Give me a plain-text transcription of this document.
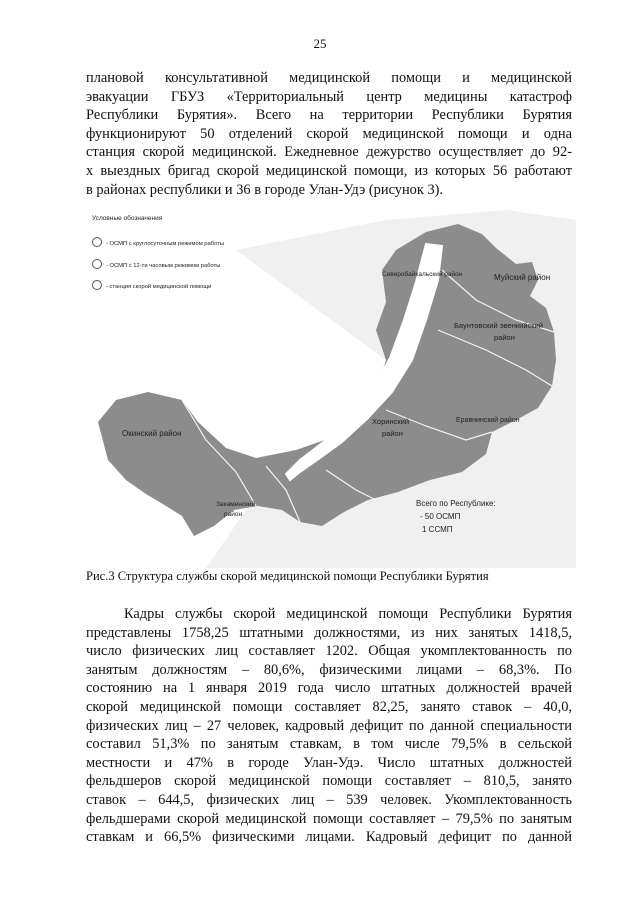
25
плановой консультативной медицинской помощи и медицинской
эвакуации ГБУЗ «Территориальный центр медицины катастроф
Республики Бурятия». Всего на территории Республики Бурятия
функционируют 50 отделений скорой медицинской помощи и одна
станция скорой медицинской. Ежедневное дежурство осуществляет до 92-
х выездных бригад скорой медицинской помощи, из которых 56 работают
в районах республики и 36 в городе Улан-Удэ (рисунок 3).
Условные обозначения
- ОСМП с круглосуточным режимом работы
- ОСМП с 12-ти часовым режимом работы
- станция скорой медицинской помощи
Окинский район
Северобайкальский район	Муйский район
Баунтовский эвенкийский
район
Хоринский
район
Еравнинский район
Закаменский
район
Всего по Республике:
- 50 ОСМП
1 ССМП
Рис.3 Структура службы скорой медицинской помощи Республики Бурятия
Кадры службы скорой медицинской помощи Республики Бурятия
представлены 1758,25 штатными должностями, из них занятых 1418,5,
число физических лиц составляет 1202. Общая укомплектованность по
занятым должностям – 80,6%, физическими лицами – 68,3%. По
состоянию на 1 января 2019 года число штатных должностей врачей
скорой медицинской помощи составляет 82,25, занято ставок – 40,0,
физических лиц – 27 человек, кадровый дефицит по данной специальности
составил 51,3% по занятым ставкам, в том числе 79,5% в сельской
местности и 47% в городе Улан-Удэ. Число штатных должностей
фельдшеров скорой медицинской помощи составляет – 810,5, занято
ставок – 644,5, физических лиц – 539 человек. Укомплектованность
фельдшерами скорой медицинской помощи составляет – 79,5% по занятым
ставкам и 66,5% физическими лицами. Кадровый дефицит по данной
